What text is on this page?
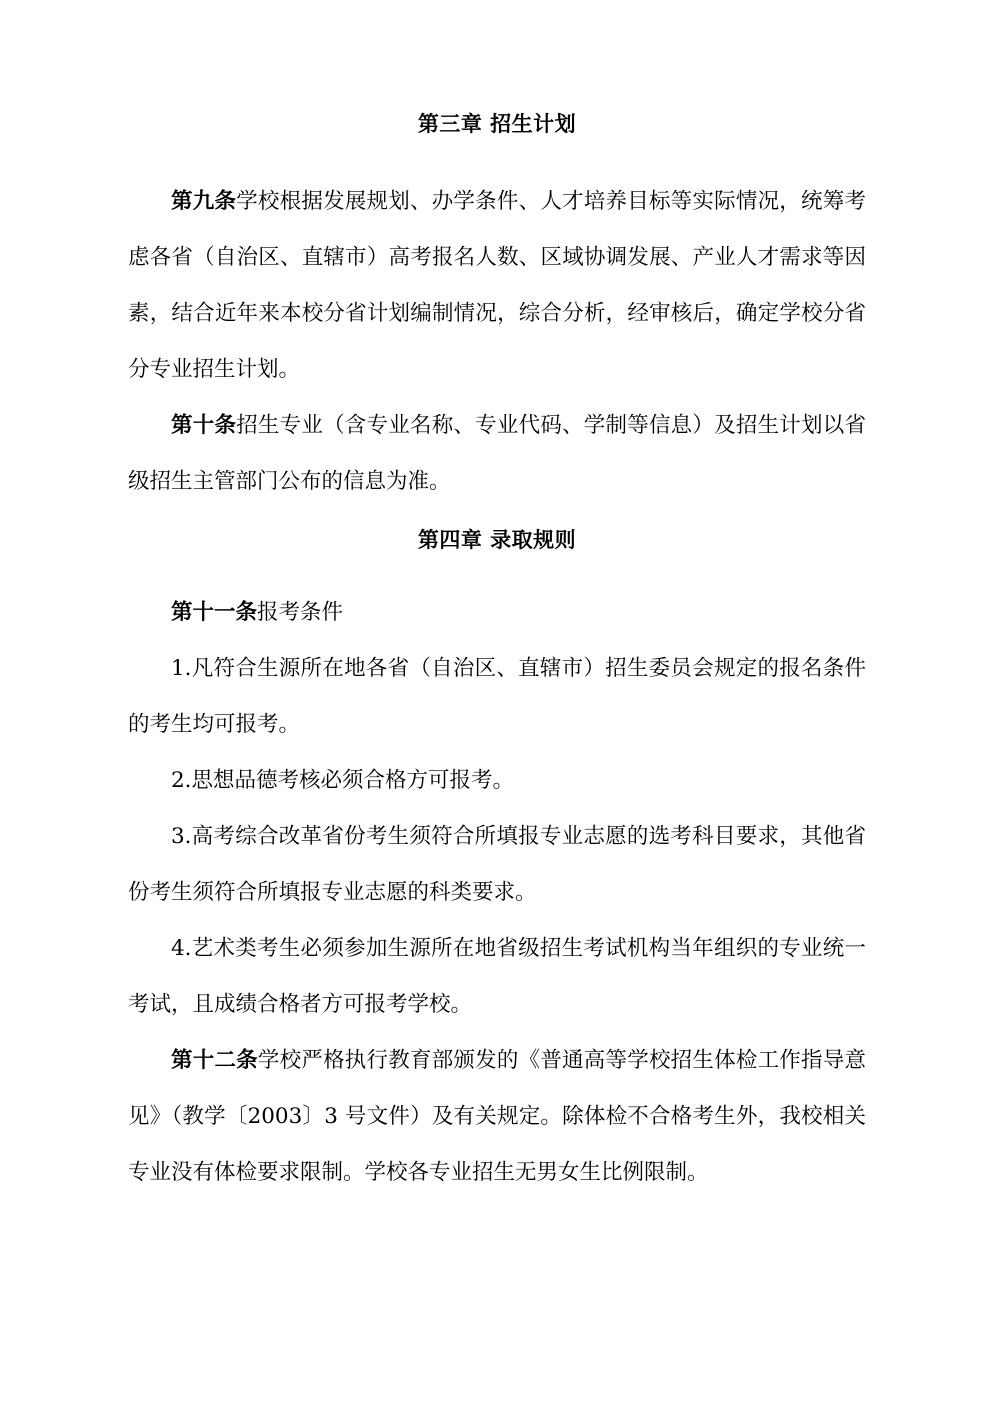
第三章 招生计划

第九条学校根据发展规划、办学条件、人才培养目标等实际情况，统筹考虑各省（自治区、直辖市）高考报名人数、区域协调发展、产业人才需求等因素，结合近年来本校分省计划编制情况，综合分析，经审核后，确定学校分省分专业招生计划。

第十条招生专业（含专业名称、专业代码、学制等信息）及招生计划以省级招生主管部门公布的信息为准。

第四章 录取规则

第十一条报考条件

1.凡符合生源所在地各省（自治区、直辖市）招生委员会规定的报名条件的考生均可报考。

2.思想品德考核必须合格方可报考。

3.高考综合改革省份考生须符合所填报专业志愿的选考科目要求，其他省份考生须符合所填报专业志愿的科类要求。

4.艺术类考生必须参加生源所在地省级招生考试机构当年组织的专业统一考试，且成绩合格者方可报考学校。

第十二条学校严格执行教育部颁发的《普通高等学校招生体检工作指导意见》（教学〔2003〕3 号文件）及有关规定。除体检不合格考生外，我校相关专业没有体检要求限制。学校各专业招生无男女生比例限制。
